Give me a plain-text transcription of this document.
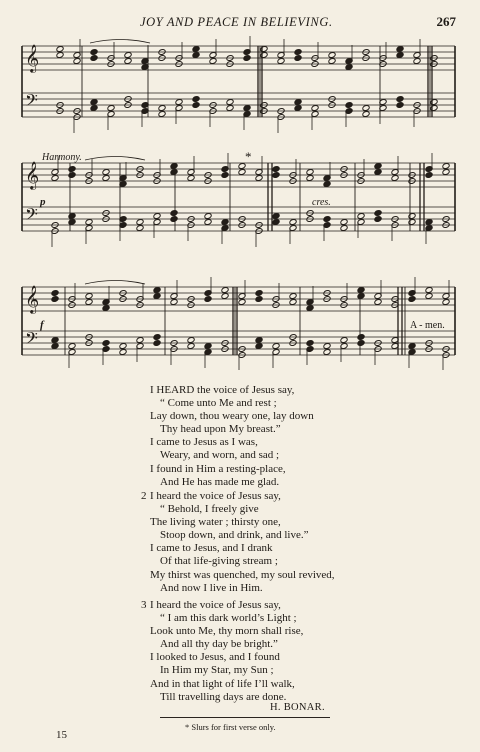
JOY AND PEACE IN BELIEVING.	267
𝄞
𝄢
𝄞
𝄢
𝄞
𝄢
Harmony.	*
p	cres.
f	A - men.
I HEARD the voice of Jesus say,
“ Come unto Me and rest ;
Lay down, thou weary one, lay down
Thy head upon My breast.”
I came to Jesus as I was,
Weary, and worn, and sad ;
I found in Him a resting-place,
And He has made me glad.
2 I heard the voice of Jesus say,
“ Behold, I freely give
The living water ; thirsty one,
Stoop down, and drink, and live.”
I came to Jesus, and I drank
Of that life-giving stream ;
My thirst was quenched, my soul revived,
And now I live in Him.
3 I heard the voice of Jesus say,
“ I am this dark world’s Light ;
Look unto Me, thy morn shall rise,
And all thy day be bright.”
I looked to Jesus, and I found
In Him my Star, my Sun ;
And in that light of life I’ll walk,
Till travelling days are done.
H. BONAR.
* Slurs for first verse only.
15
